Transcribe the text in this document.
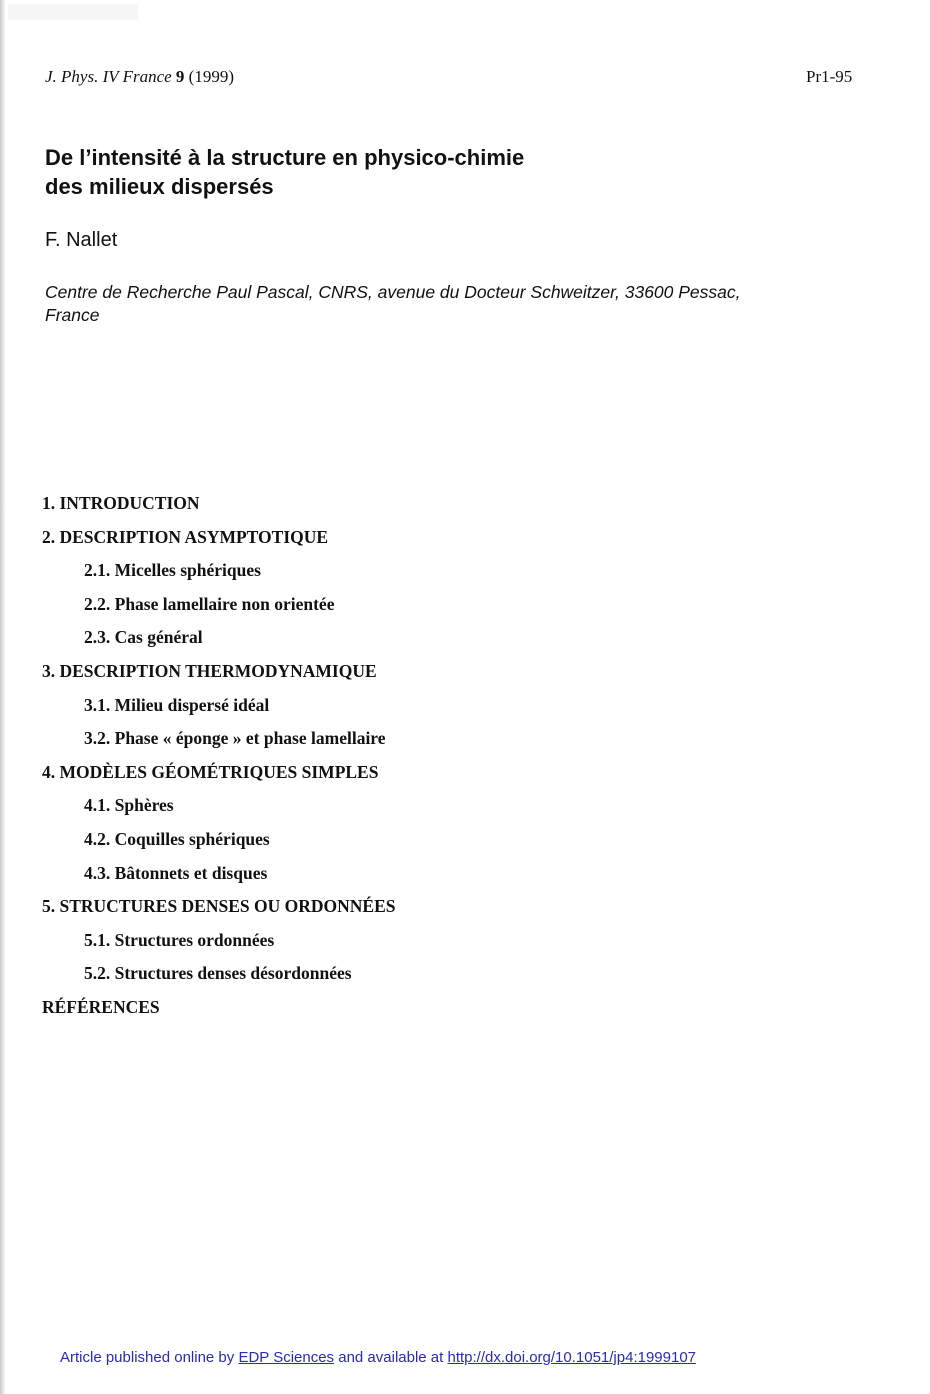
J. Phys. IV France 9 (1999)	Pr1-95
De l’intensité à la structure en physico-chimie
des milieux dispersés
F. Nallet
Centre de Recherche Paul Pascal, CNRS, avenue du Docteur Schweitzer, 33600 Pessac,
France
1. INTRODUCTION
2. DESCRIPTION ASYMPTOTIQUE
2.1. Micelles sphériques
2.2. Phase lamellaire non orientée
2.3. Cas général
3. DESCRIPTION THERMODYNAMIQUE
3.1. Milieu dispersé idéal
3.2. Phase « éponge » et phase lamellaire
4. MODÈLES GÉOMÉTRIQUES SIMPLES
4.1. Sphères
4.2. Coquilles sphériques
4.3. Bâtonnets et disques
5. STRUCTURES DENSES OU ORDONNÉES
5.1. Structures ordonnées
5.2. Structures denses désordonnées
RÉFÉRENCES
Article published online by EDP Sciences and available at http://dx.doi.org/10.1051/jp4:1999107
